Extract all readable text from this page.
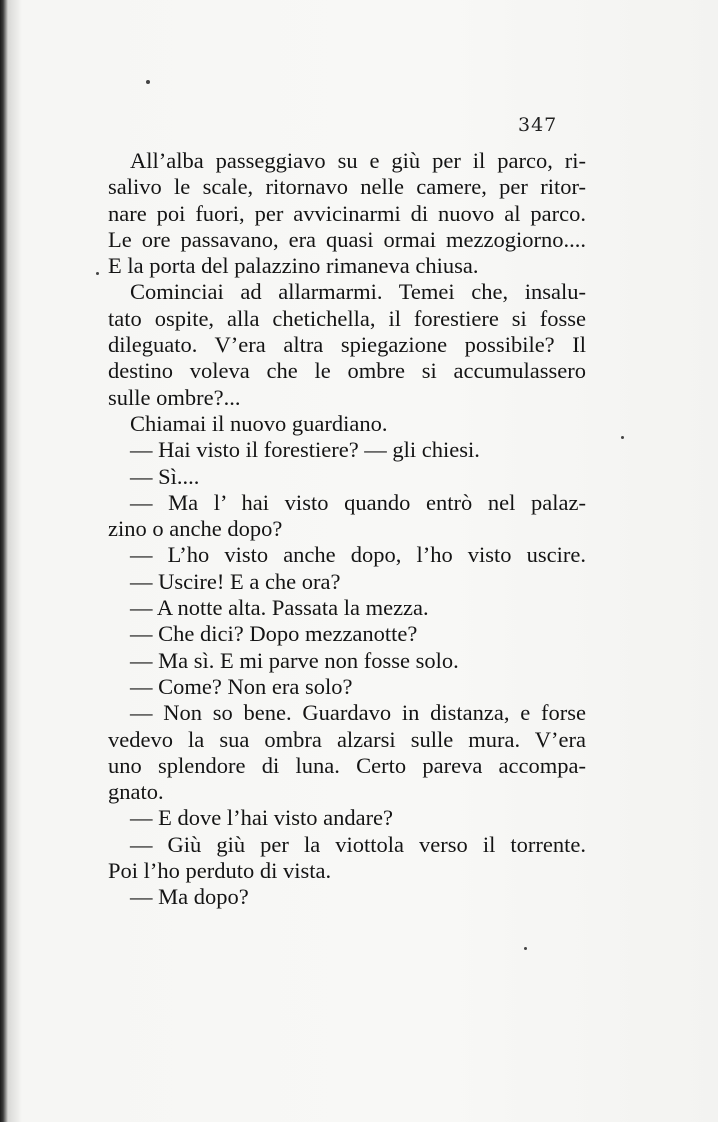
347
All’alba passeggiavo su e giù per il parco, ri-
salivo le scale, ritornavo nelle camere, per ritor-
nare poi fuori, per avvicinarmi di nuovo al parco.
Le ore passavano, era quasi ormai mezzogiorno....
E la porta del palazzino rimaneva chiusa.
Cominciai ad allarmarmi. Temei che, insalu-
tato ospite, alla chetichella, il forestiere si fosse
dileguato. V’era altra spiegazione possibile? Il
destino voleva che le ombre si accumulassero
sulle ombre?...
Chiamai il nuovo guardiano.
— Hai visto il forestiere? — gli chiesi.
— Sì....
— Ma l’ hai visto quando entrò nel palaz-
zino o anche dopo?
— L’ho visto anche dopo, l’ho visto uscire.
— Uscire! E a che ora?
— A notte alta. Passata la mezza.
— Che dici? Dopo mezzanotte?
— Ma sì. E mi parve non fosse solo.
— Come? Non era solo?
— Non so bene. Guardavo in distanza, e forse
vedevo la sua ombra alzarsi sulle mura. V’era
uno splendore di luna. Certo pareva accompa-
gnato.
— E dove l’hai visto andare?
— Giù giù per la viottola verso il torrente.
Poi l’ho perduto di vista.
— Ma dopo?
